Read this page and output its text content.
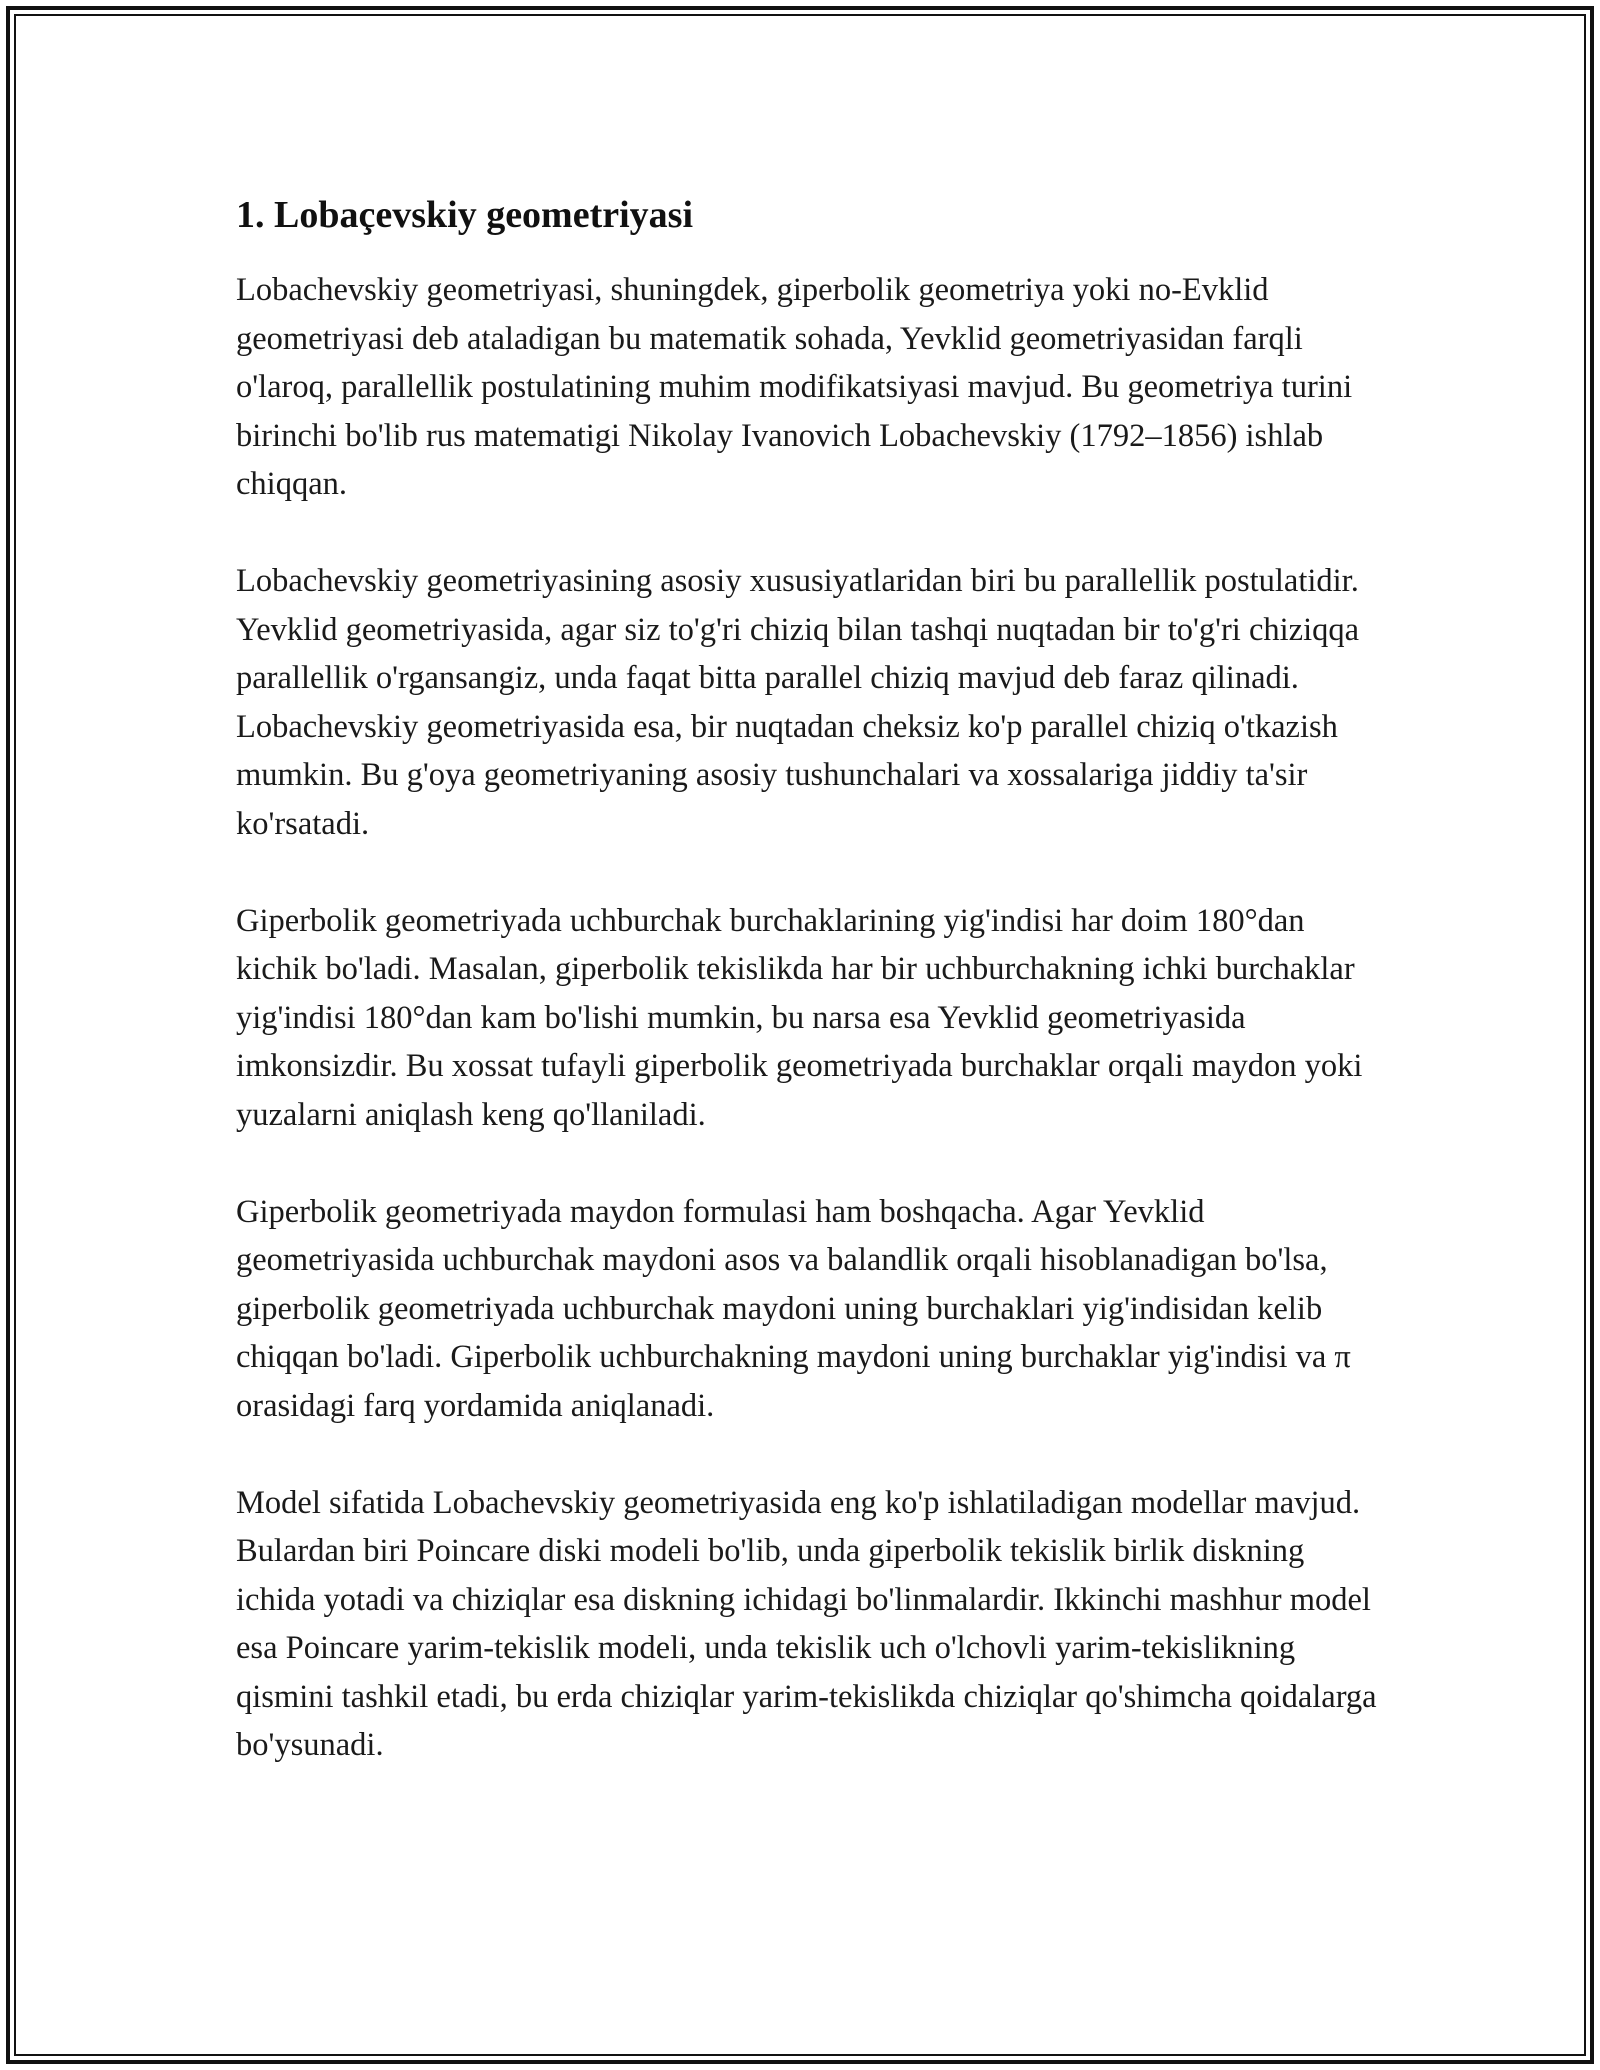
1. Lobaçevskiy geometriyasi

Lobachevskiy geometriyasi, shuningdek, giperbolik geometriya yoki no-Evklid geometriyasi deb ataladigan bu matematik sohada, Yevklid geometriyasidan farqli o'laroq, parallellik postulatining muhim modifikatsiyasi mavjud. Bu geometriya turini birinchi bo'lib rus matematigi Nikolay Ivanovich Lobachevskiy (1792–1856) ishlab chiqqan.

Lobachevskiy geometriyasining asosiy xususiyatlaridan biri bu parallellik postulatidir. Yevklid geometriyasida, agar siz to'g'ri chiziq bilan tashqi nuqtadan bir to'g'ri chiziqqa parallellik o'rgansangiz, unda faqat bitta parallel chiziq mavjud deb faraz qilinadi. Lobachevskiy geometriyasida esa, bir nuqtadan cheksiz ko'p parallel chiziq o'tkazish mumkin. Bu g'oya geometriyaning asosiy tushunchalari va xossalariga jiddiy ta'sir ko'rsatadi.

Giperbolik geometriyada uchburchak burchaklarining yig'indisi har doim 180°dan kichik bo'ladi. Masalan, giperbolik tekislikda har bir uchburchakning ichki burchaklar yig'indisi 180°dan kam bo'lishi mumkin, bu narsa esa Yevklid geometriyasida imkonsizdir. Bu xossat tufayli giperbolik geometriyada burchaklar orqali maydon yoki yuzalarni aniqlash keng qo'llaniladi.

Giperbolik geometriyada maydon formulasi ham boshqacha. Agar Yevklid geometriyasida uchburchak maydoni asos va balandlik orqali hisoblanadigan bo'lsa, giperbolik geometriyada uchburchak maydoni uning burchaklari yig'indisidan kelib chiqqan bo'ladi. Giperbolik uchburchakning maydoni uning burchaklar yig'indisi va π orasidagi farq yordamida aniqlanadi.

Model sifatida Lobachevskiy geometriyasida eng ko'p ishlatiladigan modellar mavjud. Bulardan biri Poincare diski modeli bo'lib, unda giperbolik tekislik birlik diskning ichida yotadi va chiziqlar esa diskning ichidagi bo'linmalardir. Ikkinchi mashhur model esa Poincare yarim-tekislik modeli, unda tekislik uch o'lchovli yarim-tekislikning qismini tashkil etadi, bu erda chiziqlar yarim-tekislikda chiziqlar qo'shimcha qoidalarga bo'ysunadi.
